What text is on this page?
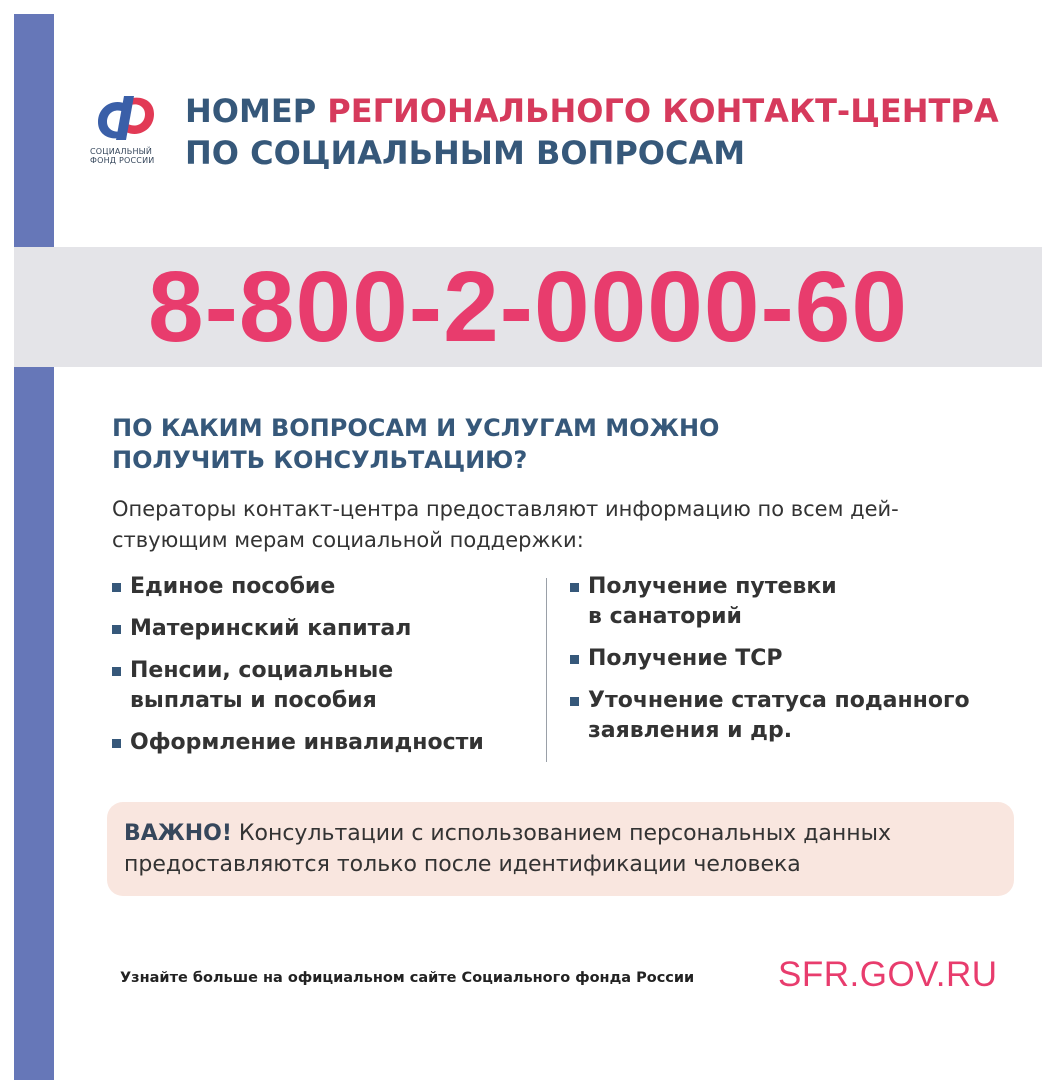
СОЦИАЛЬНЫЙ
ФОНД РОССИИ
НОМЕР РЕГИОНАЛЬНОГО КОНТАКТ-ЦЕНТРА
ПО СОЦИАЛЬНЫМ ВОПРОСАМ
8-800-2-0000-60
ПО КАКИМ ВОПРОСАМ И УСЛУГАМ МОЖНО
ПОЛУЧИТЬ КОНСУЛЬТАЦИЮ?
Операторы контакт-центра предоставляют информацию по всем дей-
ствующим мерам социальной поддержки:
Единое пособие
Материнский капитал
Пенсии, социальные
выплаты и пособия
Оформление инвалидности
Получение путевки
в санаторий
Получение ТСР
Уточнение статуса поданного
заявления и др.
ВАЖНО! Консультации с использованием персональных данных
предоставляются только после идентификации человека
Узнайте больше на официальном сайте Социального фонда России SFR.GOV.RU
